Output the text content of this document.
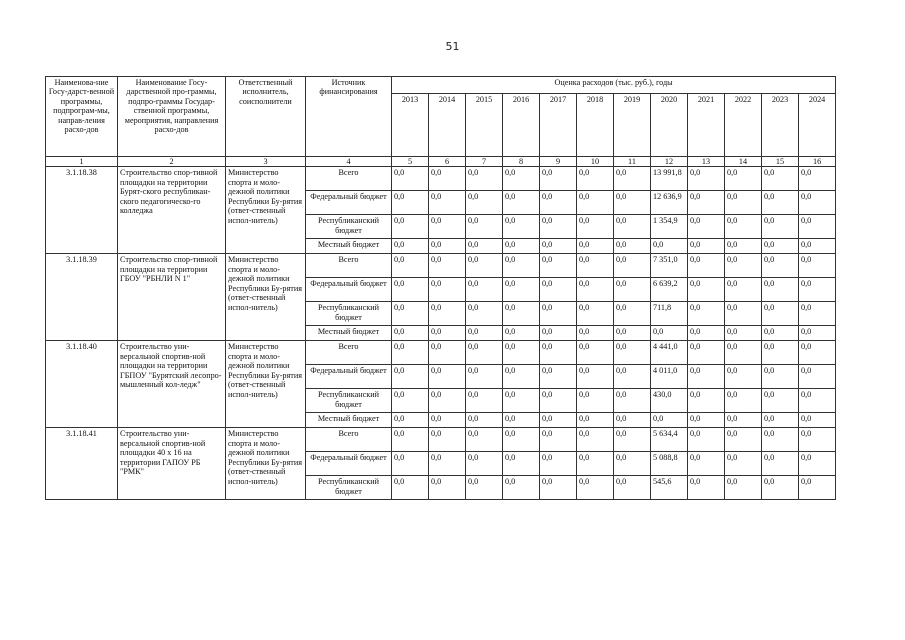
51
Наименова-ние Госу-дарст-венной программы, подпрограм-мы, направ-ления расхо-дов	Наименование Госу-дарственной про-граммы, подпро-граммы Государ-ственной программы, мероприятия, направления расхо-дов	Ответственный исполнитель, соисполнители	Источник финансирования	Оценка расходов (тыс. руб.), годы											
				2013	2014	2015	2016	2017	2018	2019	2020	2021	2022	2023	2024
1	2	3	4	5	6	7	8	9	10	11	12	13	14	15	16
3.1.18.38	Строительство спор-тивной площадки на территории Бурят-ского республикан-ского педагогическо-го колледжа	Министерство спорта и моло-дежной политики Республики Бу-рятия (ответ-ственный испол-нитель)	Всего	0,0	0,0	0,0	0,0	0,0	0,0	0,0	13 991,8	0,0	0,0	0,0	0,0
			Федеральный бюджет	0,0	0,0	0,0	0,0	0,0	0,0	0,0	12 636,9	0,0	0,0	0,0	0,0
			Республиканский бюджет	0,0	0,0	0,0	0,0	0,0	0,0	0,0	1 354,9	0,0	0,0	0,0	0,0
			Местный бюджет	0,0	0,0	0,0	0,0	0,0	0,0	0,0	0,0	0,0	0,0	0,0	0,0
3.1.18.39	Строительство спор-тивной площадки на территории ГБОУ "РБНЛИ N 1"	Министерство спорта и моло-дежной политики Республики Бу-рятия (ответ-ственный испол-нитель)	Всего	0,0	0,0	0,0	0,0	0,0	0,0	0,0	7 351,0	0,0	0,0	0,0	0,0
			Федеральный бюджет	0,0	0,0	0,0	0,0	0,0	0,0	0,0	6 639,2	0,0	0,0	0,0	0,0
			Республиканский бюджет	0,0	0,0	0,0	0,0	0,0	0,0	0,0	711,8	0,0	0,0	0,0	0,0
			Местный бюджет	0,0	0,0	0,0	0,0	0,0	0,0	0,0	0,0	0,0	0,0	0,0	0,0
3.1.18.40	Строительство уни-версальной спортив-ной площадки на территории ГБПОУ "Бурятский лесопро-мышленный кол-ледж"	Министерство спорта и моло-дежной политики Республики Бу-рятия (ответ-ственный испол-нитель)	Всего	0,0	0,0	0,0	0,0	0,0	0,0	0,0	4 441,0	0,0	0,0	0,0	0,0
			Федеральный бюджет	0,0	0,0	0,0	0,0	0,0	0,0	0,0	4 011,0	0,0	0,0	0,0	0,0
			Республиканский бюджет	0,0	0,0	0,0	0,0	0,0	0,0	0,0	430,0	0,0	0,0	0,0	0,0
			Местный бюджет	0,0	0,0	0,0	0,0	0,0	0,0	0,0	0,0	0,0	0,0	0,0	0,0
3.1.18.41	Строительство уни-версальной спортив-ной площадки 40 х 16 на территории ГАПОУ РБ "РМК"	Министерство спорта и моло-дежной политики Республики Бу-рятия (ответ-ственный испол-нитель)	Всего	0,0	0,0	0,0	0,0	0,0	0,0	0,0	5 634,4	0,0	0,0	0,0	0,0
			Федеральный бюджет	0,0	0,0	0,0	0,0	0,0	0,0	0,0	5 088,8	0,0	0,0	0,0	0,0
			Республиканский бюджет	0,0	0,0	0,0	0,0	0,0	0,0	0,0	545,6	0,0	0,0	0,0	0,0
